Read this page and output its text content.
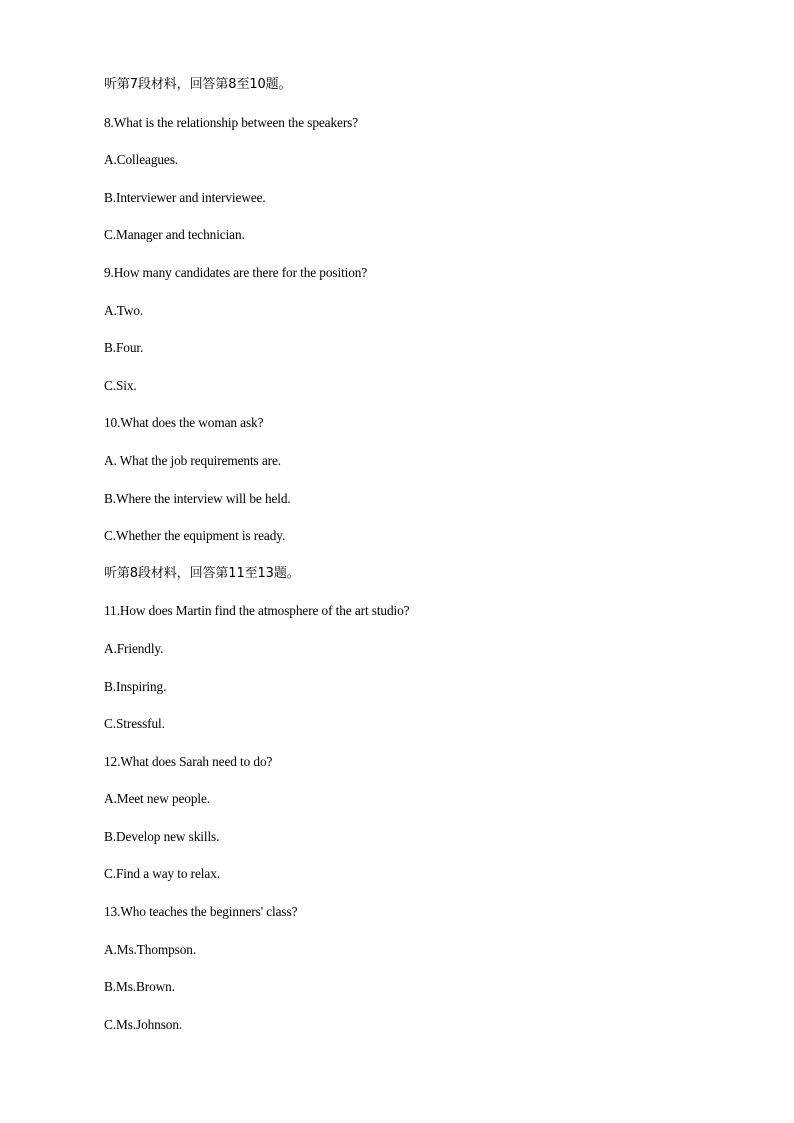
听第7段材料，回答第8至10题。
8.What is the relationship between the speakers?
A.Colleagues.
B.Interviewer and interviewee.
C.Manager and technician.
9.How many candidates are there for the position?
A.Two.
B.Four.
C.Six.
10.What does the woman ask?
A. What the job requirements are.
B.Where the interview will be held.
C.Whether the equipment is ready.
听第8段材料，回答第11至13题。
11.How does Martin find the atmosphere of the art studio?
A.Friendly.
B.Inspiring.
C.Stressful.
12.What does Sarah need to do?
A.Meet new people.
B.Develop new skills.
C.Find a way to relax.
13.Who teaches the beginners' class?
A.Ms.Thompson.
B.Ms.Brown.
C.Ms.Johnson.
